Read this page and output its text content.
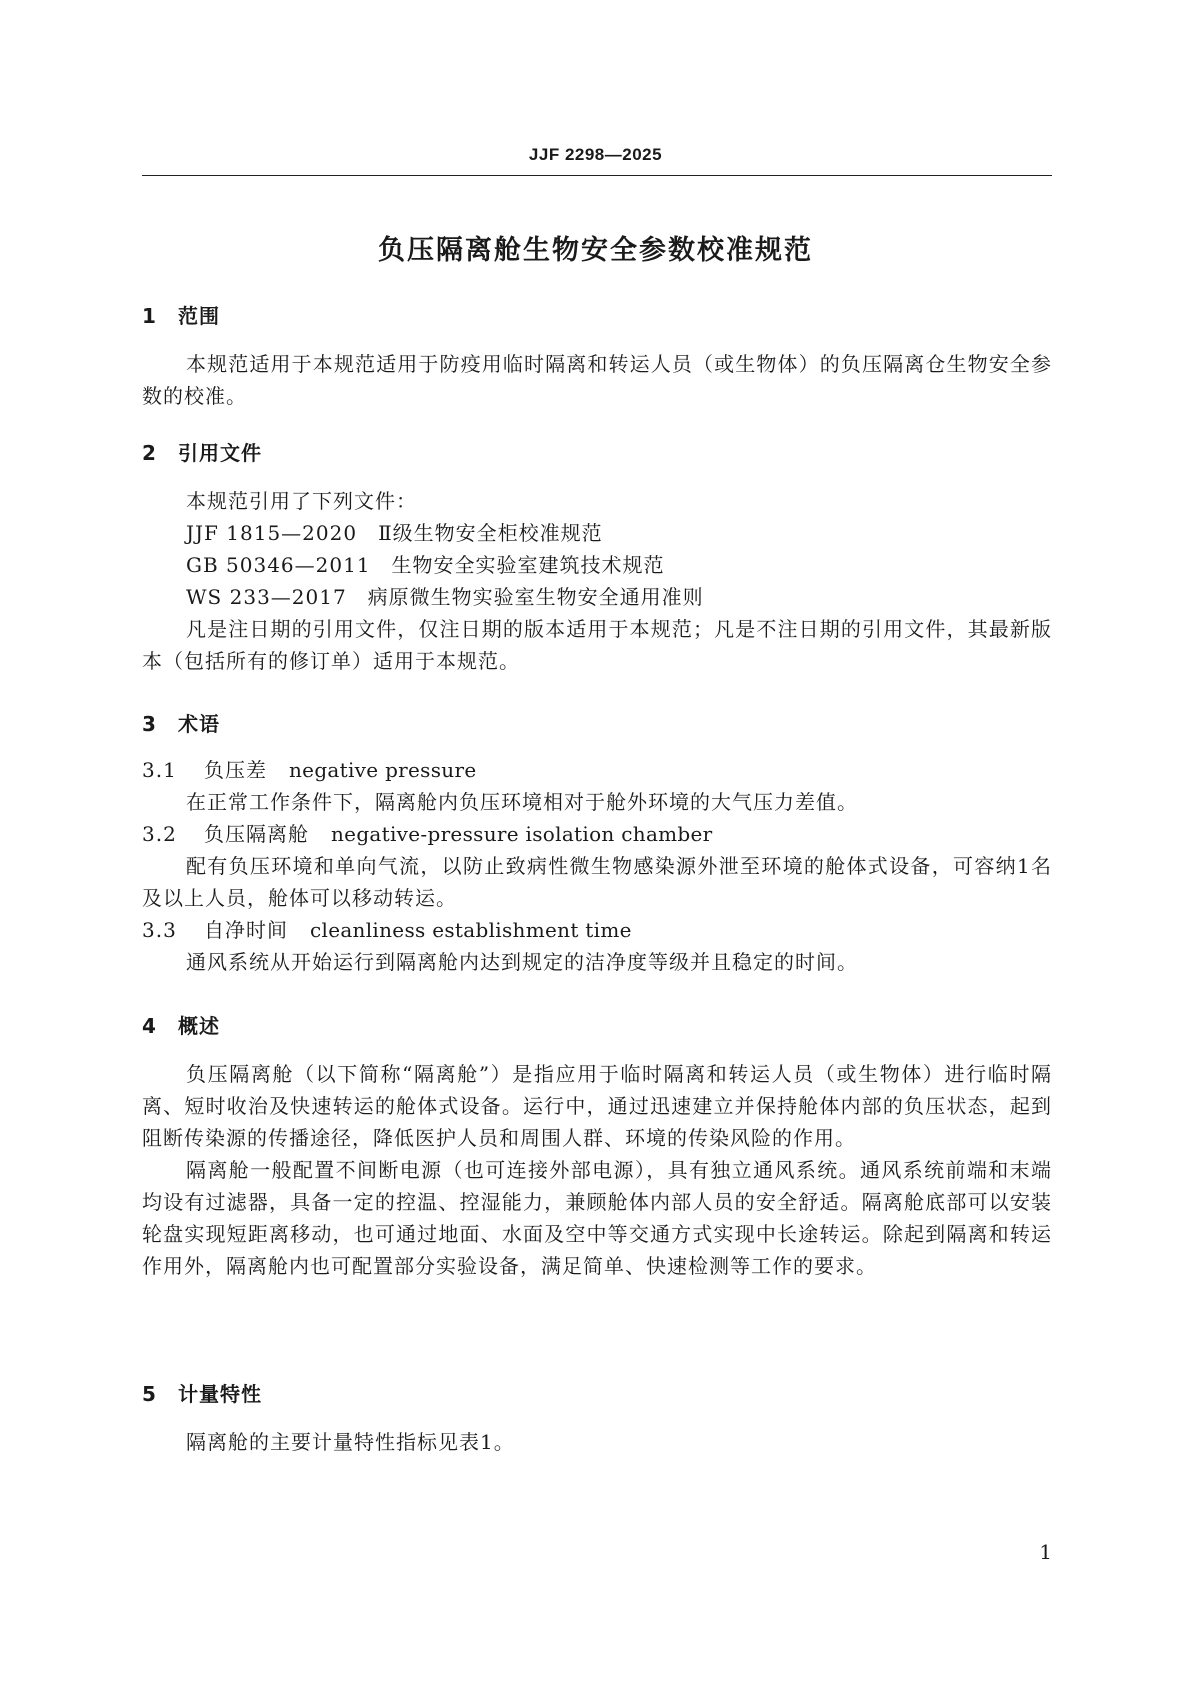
JJF 2298—2025
负压隔离舱生物安全参数校准规范
1 范围
本规范适用于本规范适用于防疫用临时隔离和转运人员（或生物体）的负压隔离仓生物安全参数的校准。
2 引用文件
本规范引用了下列文件：
JJF 1815—2020　Ⅱ级生物安全柜校准规范
GB 50346—2011　生物安全实验室建筑技术规范
WS 233—2017　病原微生物实验室生物安全通用准则
凡是注日期的引用文件，仅注日期的版本适用于本规范；凡是不注日期的引用文件，其最新版本（包括所有的修订单）适用于本规范。
3 术语
3.1 负压差 negative pressure
在正常工作条件下，隔离舱内负压环境相对于舱外环境的大气压力差值。
3.2 负压隔离舱 negative-pressure isolation chamber
配有负压环境和单向气流，以防止致病性微生物感染源外泄至环境的舱体式设备，可容纳1名及以上人员，舱体可以移动转运。
3.3 自净时间 cleanliness establishment time
通风系统从开始运行到隔离舱内达到规定的洁净度等级并且稳定的时间。
4 概述
负压隔离舱（以下简称“隔离舱”）是指应用于临时隔离和转运人员（或生物体）进行临时隔离、短时收治及快速转运的舱体式设备。运行中，通过迅速建立并保持舱体内部的负压状态，起到阻断传染源的传播途径，降低医护人员和周围人群、环境的传染风险的作用。
隔离舱一般配置不间断电源（也可连接外部电源），具有独立通风系统。通风系统前端和末端均设有过滤器，具备一定的控温、控湿能力，兼顾舱体内部人员的安全舒适。隔离舱底部可以安装轮盘实现短距离移动，也可通过地面、水面及空中等交通方式实现中长途转运。除起到隔离和转运作用外，隔离舱内也可配置部分实验设备，满足简单、快速检测等工作的要求。
5 计量特性
隔离舱的主要计量特性指标见表1。
1
